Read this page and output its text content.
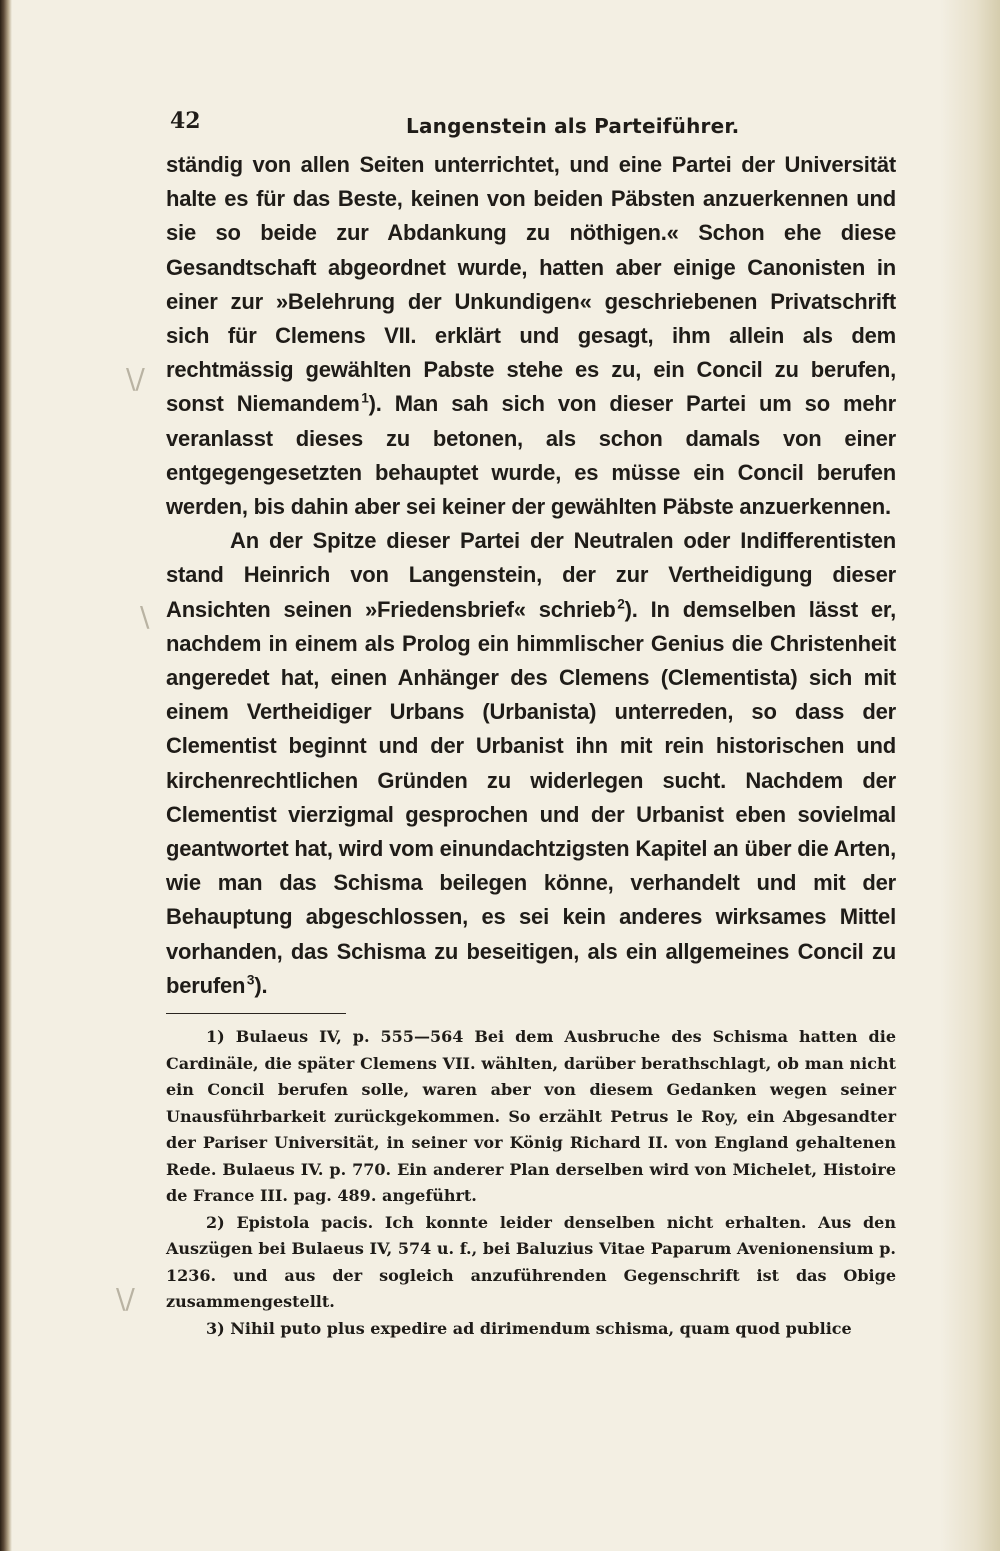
\/
\
\/
42	Langenstein als Parteiführer.

ständig von allen Seiten unterrichtet, und eine Partei der Universität halte es für das Beste, keinen von beiden Päbsten anzuerkennen und sie so beide zur Abdankung zu nöthigen.« Schon ehe diese Gesandtschaft abgeordnet wurde, hatten aber einige Canonisten in einer zur »Belehrung der Unkundigen« geschriebenen Privatschrift sich für Clemens VII. erklärt und gesagt, ihm allein als dem rechtmässig gewählten Pabste stehe es zu, ein Concil zu berufen, sonst Niemandem  $^1$). Man sah sich von dieser Partei um so mehr veranlasst dieses zu betonen, als schon damals von einer entgegengesetzten behauptet wurde, es müsse ein Concil berufen werden, bis dahin aber sei keiner der gewählten Päbste anzuerkennen.

An der Spitze dieser Partei der Neutralen oder Indifferentisten stand Heinrich von Langenstein, der zur Vertheidigung dieser Ansichten seinen »Friedensbrief« schrieb  $^2$). In demselben lässt er, nachdem in einem als Prolog ein himmlischer Genius die Christenheit angeredet hat, einen Anhänger des Clemens (Clementista) sich mit einem Vertheidiger Urbans (Urbanista) unterreden, so dass der Clementist beginnt und der Urbanist ihn mit rein historischen und kirchenrechtlichen Gründen zu widerlegen sucht. Nachdem der Clementist vierzigmal gesprochen und der Urbanist eben sovielmal geantwortet hat, wird vom einundachtzigsten Kapitel an über die Arten, wie man das Schisma beilegen könne, verhandelt und mit der Behauptung abgeschlossen, es sei kein anderes wirksames Mittel vorhanden, das Schisma zu beseitigen, als ein allgemeines Concil zu berufen  $^3$).

1) Bulaeus IV, p. 555—564 Bei dem Ausbruche des Schisma hatten die Cardinäle, die später Clemens VII. wählten, darüber berathschlagt, ob man nicht ein Concil berufen solle, waren aber von diesem Gedanken wegen seiner Unausführbarkeit zurückgekommen. So erzählt Petrus le Roy, ein Abgesandter der Pariser Universität, in seiner vor König Richard II. von England gehaltenen Rede. Bulaeus IV. p. 770. Ein anderer Plan derselben wird von Michelet, Histoire de France III. pag. 489. angeführt.

2) Epistola pacis. Ich konnte leider denselben nicht erhalten. Aus den Auszügen bei Bulaeus IV, 574 u. f., bei Baluzius Vitae Paparum Avenionensium p. 1236. und aus der sogleich anzuführenden Gegenschrift ist das Obige zusammengestellt.

3) Nihil puto plus expedire ad dirimendum schisma, quam quod publice
